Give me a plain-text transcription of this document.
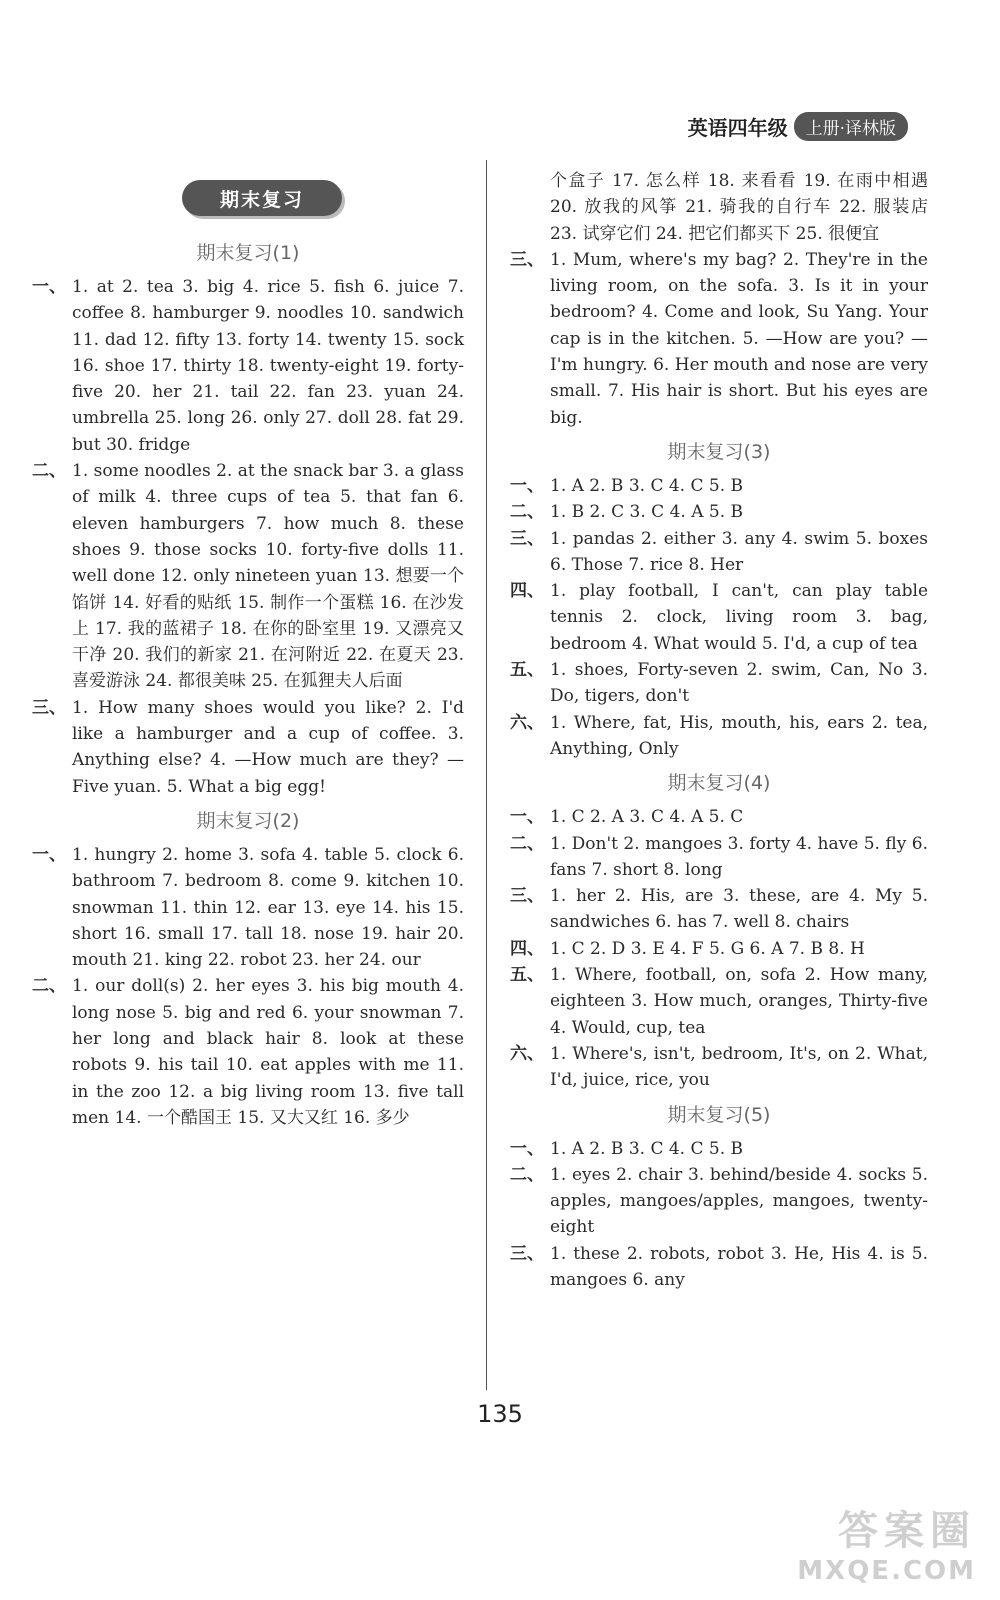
英语四年级	上册·译林版
期末复习
期末复习(1)
一、 1. at 2. tea 3. big 4. rice 5. fish 6. juice 7. coffee 8. hamburger 9. noodles 10. sandwich 11. dad 12. fifty 13. forty 14. twenty 15. sock 16. shoe 17. thirty 18. twenty-eight 19. forty-five 20. her 21. tail 22. fan 23. yuan 24. umbrella 25. long 26. only 27. doll 28. fat 29. but 30. fridge
二、 1. some noodles 2. at the snack bar 3. a glass of milk 4. three cups of tea 5. that fan 6. eleven hamburgers 7. how much 8. these shoes 9. those socks 10. forty-five dolls 11. well done 12. only nineteen yuan 13. 想要一个馅饼 14. 好看的贴纸 15. 制作一个蛋糕 16. 在沙发上 17. 我的蓝裙子 18. 在你的卧室里 19. 又漂亮又干净 20. 我们的新家 21. 在河附近 22. 在夏天 23. 喜爱游泳 24. 都很美味 25. 在狐狸夫人后面
三、 1. How many shoes would you like? 2. I'd like a hamburger and a cup of coffee. 3. Anything else? 4. —How much are they? —Five yuan. 5. What a big egg!
期末复习(2)
一、 1. hungry 2. home 3. sofa 4. table 5. clock 6. bathroom 7. bedroom 8. come 9. kitchen 10. snowman 11. thin 12. ear 13. eye 14. his 15. short 16. small 17. tall 18. nose 19. hair 20. mouth 21. king 22. robot 23. her 24. our
二、 1. our doll(s) 2. her eyes 3. his big mouth 4. long nose 5. big and red 6. your snowman 7. her long and black hair 8. look at these robots 9. his tail 10. eat apples with me 11. in the zoo 12. a big living room 13. five tall men 14. 一个酷国王 15. 又大又红 16. 多少
个盒子 17. 怎么样 18. 来看看 19. 在雨中相遇 20. 放我的风筝 21. 骑我的自行车 22. 服装店 23. 试穿它们 24. 把它们都买下 25. 很便宜
三、 1. Mum, where's my bag? 2. They're in the living room, on the sofa. 3. Is it in your bedroom? 4. Come and look, Su Yang. Your cap is in the kitchen. 5. —How are you? —I'm hungry. 6. Her mouth and nose are very small. 7. His hair is short. But his eyes are big.
期末复习(3)
一、 1. A 2. B 3. C 4. C 5. B
二、 1. B 2. C 3. C 4. A 5. B
三、 1. pandas 2. either 3. any 4. swim 5. boxes 6. Those 7. rice 8. Her
四、 1. play football, I can't, can play table tennis 2. clock, living room 3. bag, bedroom 4. What would 5. I'd, a cup of tea
五、 1. shoes, Forty-seven 2. swim, Can, No 3. Do, tigers, don't
六、 1. Where, fat, His, mouth, his, ears 2. tea, Anything, Only
期末复习(4)
一、 1. C 2. A 3. C 4. A 5. C
二、 1. Don't 2. mangoes 3. forty 4. have 5. fly 6. fans 7. short 8. long
三、 1. her 2. His, are 3. these, are 4. My 5. sandwiches 6. has 7. well 8. chairs
四、 1. C 2. D 3. E 4. F 5. G 6. A 7. B 8. H
五、 1. Where, football, on, sofa 2. How many, eighteen 3. How much, oranges, Thirty-five 4. Would, cup, tea
六、 1. Where's, isn't, bedroom, It's, on 2. What, I'd, juice, rice, you
期末复习(5)
一、 1. A 2. B 3. C 4. C 5. B
二、 1. eyes 2. chair 3. behind/beside 4. socks 5. apples, mangoes/apples, mangoes, twenty-eight
三、 1. these 2. robots, robot 3. He, His 4. is 5. mangoes 6. any
135
答案圈
MXQE.COM
